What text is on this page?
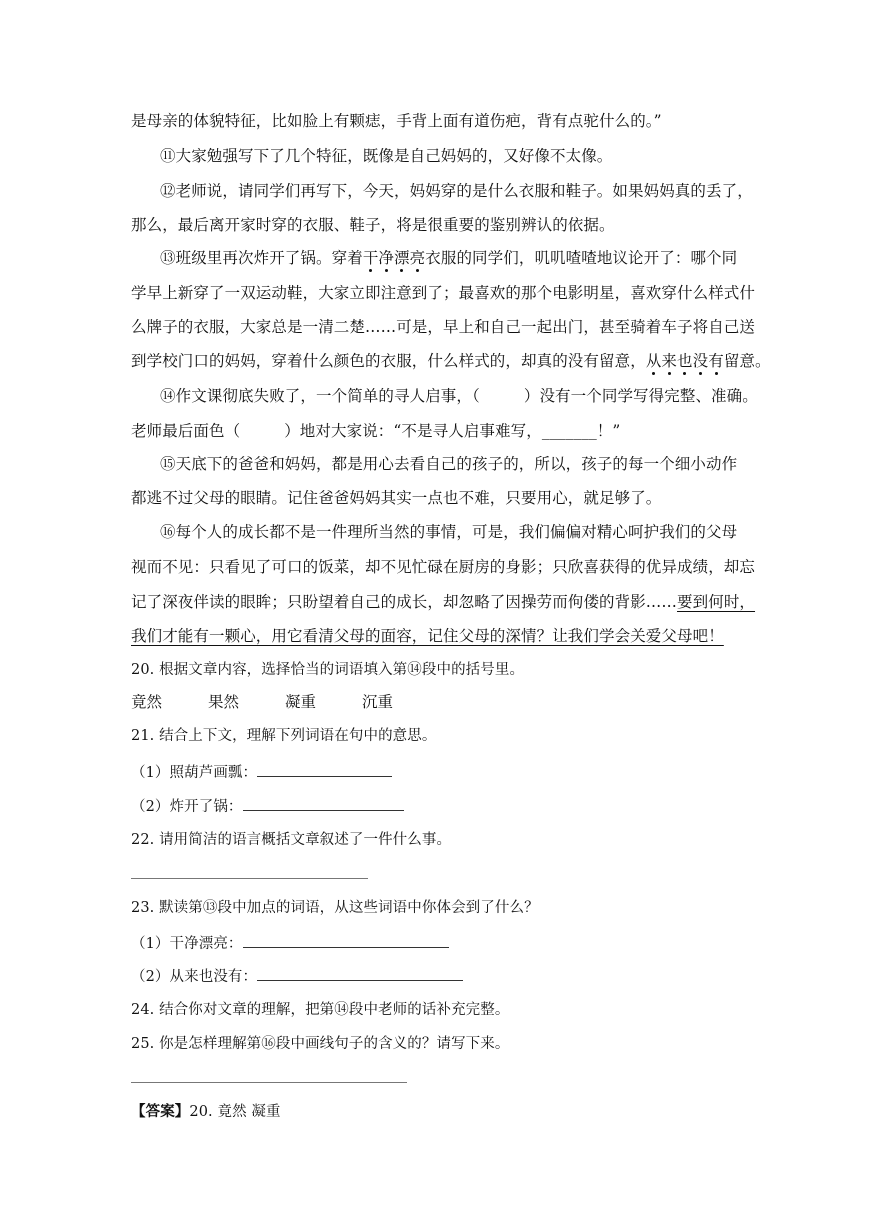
是母亲的体貌特征，比如脸上有颗痣，手背上面有道伤疤，背有点驼什么的。”
⑪大家勉强写下了几个特征，既像是自己妈妈的，又好像不太像。
⑫老师说，请同学们再写下，今天，妈妈穿的是什么衣服和鞋子。如果妈妈真的丢了，
那么，最后离开家时穿的衣服、鞋子，将是很重要的鉴别辨认的依据。
⑬班级里再次炸开了锅。穿着干净漂亮衣服的同学们，叽叽喳喳地议论开了：哪个同
学早上新穿了一双运动鞋，大家立即注意到了；最喜欢的那个电影明星，喜欢穿什么样式什
么牌子的衣服，大家总是一清二楚……可是，早上和自己一起出门，甚至骑着车子将自己送
到学校门口的妈妈，穿着什么颜色的衣服，什么样式的，却真的没有留意，从来也没有留意。
⑭作文课彻底失败了，一个简单的寻人启事，（	）没有一个同学写得完整、准确。
老师最后面色（	）地对大家说：“不是寻人启事难写，_______！”
⑮天底下的爸爸和妈妈，都是用心去看自己的孩子的，所以，孩子的每一个细小动作
都逃不过父母的眼睛。记住爸爸妈妈其实一点也不难，只要用心，就足够了。
⑯每个人的成长都不是一件理所当然的事情，可是，我们偏偏对精心呵护我们的父母
视而不见：只看见了可口的饭菜，却不见忙碌在厨房的身影；只欣喜获得的优异成绩，却忘
记了深夜伴读的眼眸；只盼望着自己的成长，却忽略了因操劳而佝偻的背影……要到何时，
我们才能有一颗心，用它看清父母的面容，记住父母的深情？让我们学会关爱父母吧！
20. 根据文章内容，选择恰当的词语填入第⑭段中的括号里。
竟然	果然	凝重	沉重
21. 结合上下文，理解下列词语在句中的意思。
（1）照葫芦画瓢：
（2）炸开了锅：
22. 请用简洁的语言概括文章叙述了一件什么事。
23. 默读第⑬段中加点的词语，从这些词语中你体会到了什么？
（1）干净漂亮：
（2）从来也没有：
24. 结合你对文章的理解，把第⑭段中老师的话补充完整。
25. 你是怎样理解第⑯段中画线句子的含义的？请写下来。
【答案】20. 竟然 凝重
